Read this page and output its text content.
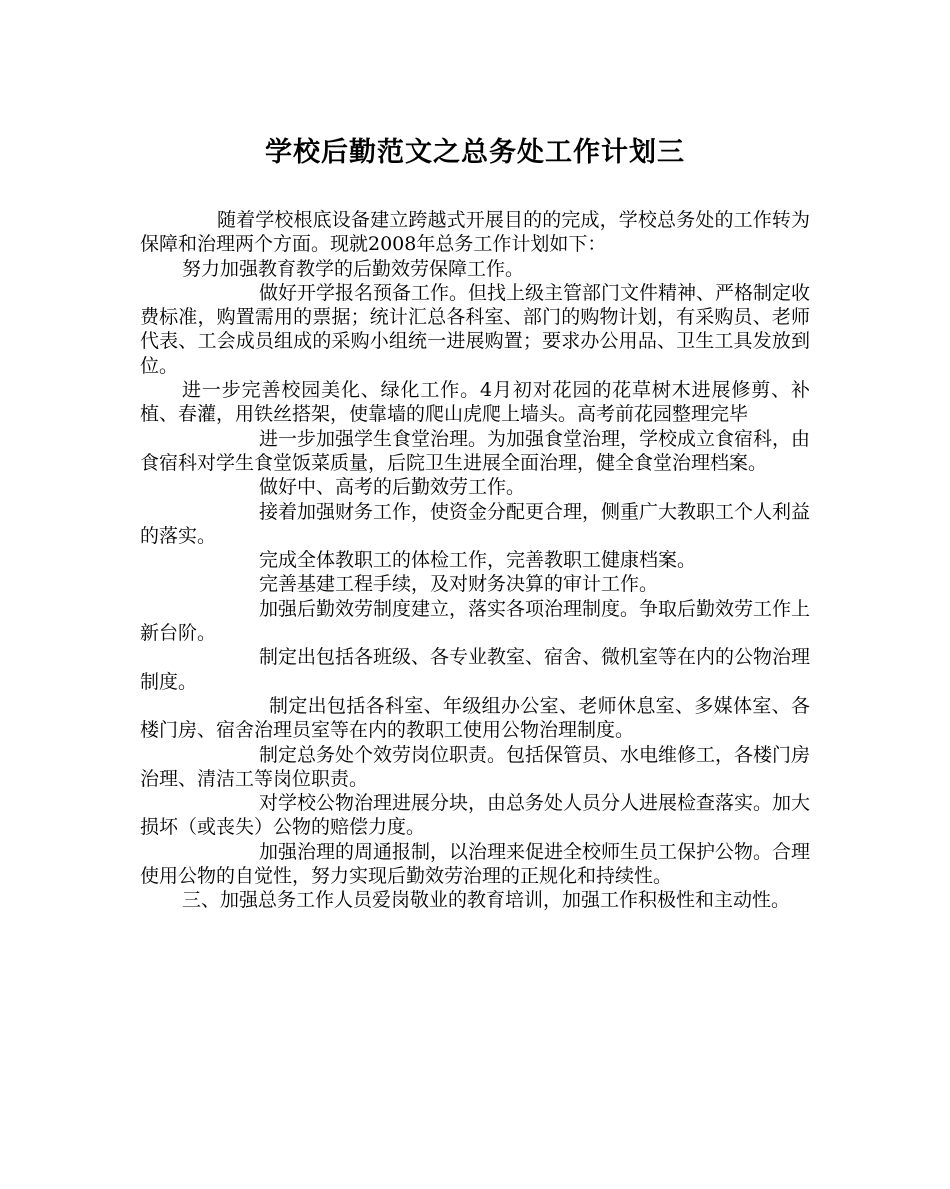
学校后勤范文之总务处工作计划三

随着学校根底设备建立跨越式开展目的的完成，学校总务处的工作转为保障和治理两个方面。现就2008年总务工作计划如下：

努力加强教育教学的后勤效劳保障工作。

做好开学报名预备工作。但找上级主管部门文件精神、严格制定收费标准，购置需用的票据；统计汇总各科室、部门的购物计划，有采购员、老师代表、工会成员组成的采购小组统一进展购置；要求办公用品、卫生工具发放到位。

进一步完善校园美化、绿化工作。4月初对花园的花草树木进展修剪、补植、春灌，用铁丝搭架，使靠墙的爬山虎爬上墙头。高考前花园整理完毕

进一步加强学生食堂治理。为加强食堂治理，学校成立食宿科，由食宿科对学生食堂饭菜质量，后院卫生进展全面治理，健全食堂治理档案。

做好中、高考的后勤效劳工作。

接着加强财务工作，使资金分配更合理，侧重广大教职工个人利益的落实。

完成全体教职工的体检工作，完善教职工健康档案。

完善基建工程手续，及对财务决算的审计工作。

加强后勤效劳制度建立，落实各项治理制度。争取后勤效劳工作上新台阶。

制定出包括各班级、各专业教室、宿舍、微机室等在内的公物治理制度。

制定出包括各科室、年级组办公室、老师休息室、多媒体室、各楼门房、宿舍治理员室等在内的教职工使用公物治理制度。

制定总务处个效劳岗位职责。包括保管员、水电维修工，各楼门房治理、清洁工等岗位职责。

对学校公物治理进展分块，由总务处人员分人进展检查落实。加大损坏（或丧失）公物的赔偿力度。

加强治理的周通报制，以治理来促进全校师生员工保护公物。合理使用公物的自觉性，努力实现后勤效劳治理的正规化和持续性。

三、加强总务工作人员爱岗敬业的教育培训，加强工作积极性和主动性。
